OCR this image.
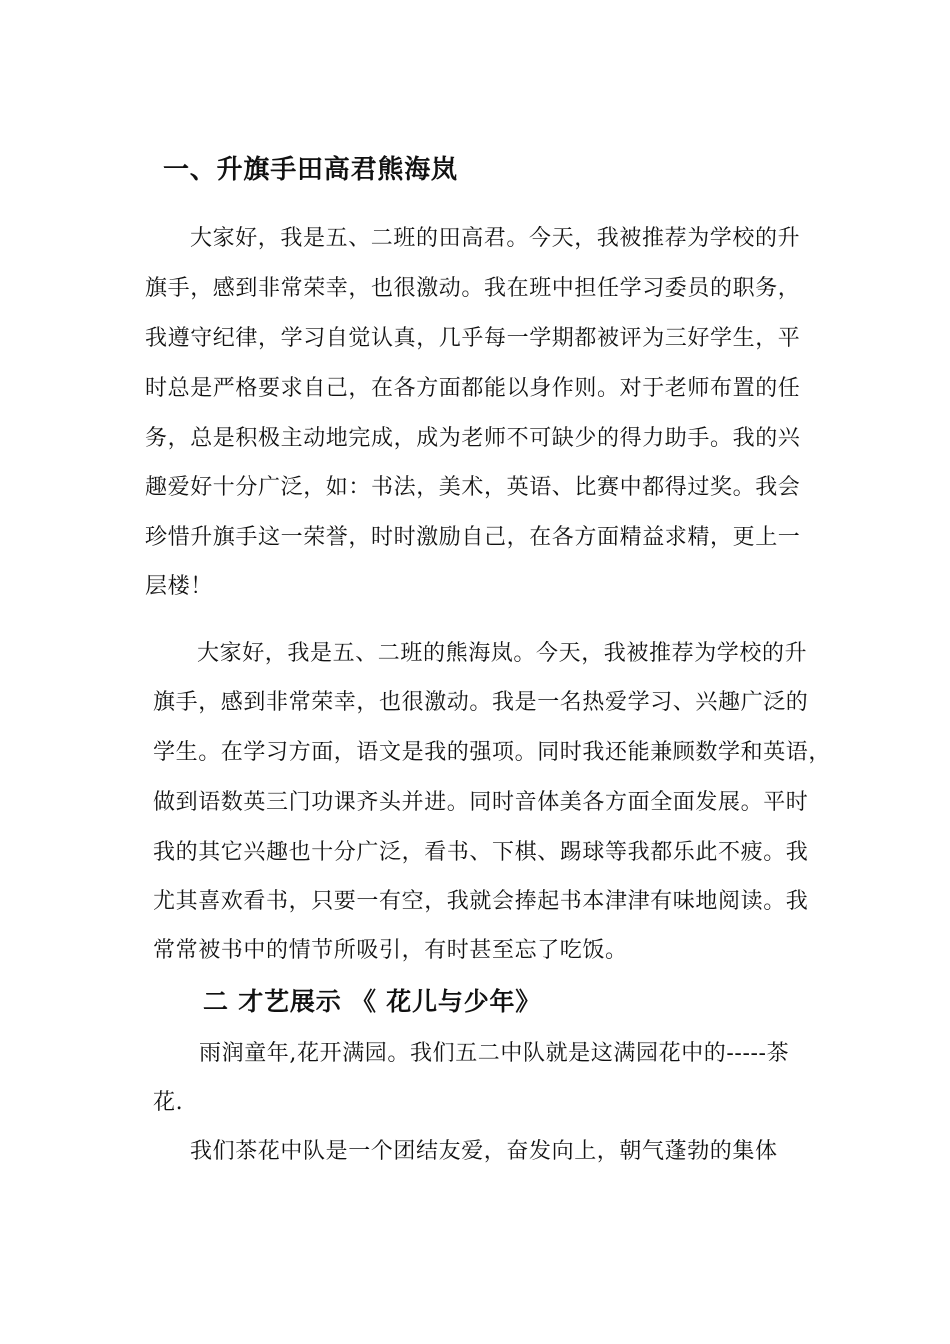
一、升旗手田高君熊海岚
大家好，我是五、二班的田高君。今天，我被推荐为学校的升
旗手，感到非常荣幸，也很激动。我在班中担任学习委员的职务，
我遵守纪律，学习自觉认真，几乎每一学期都被评为三好学生，平
时总是严格要求自己，在各方面都能以身作则。对于老师布置的任
务，总是积极主动地完成，成为老师不可缺少的得力助手。我的兴
趣爱好十分广泛，如：书法，美术，英语、比赛中都得过奖。我会
珍惜升旗手这一荣誉，时时激励自己，在各方面精益求精，更上一
层楼！
大家好，我是五、二班的熊海岚。今天，我被推荐为学校的升
旗手，感到非常荣幸，也很激动。我是一名热爱学习、兴趣广泛的
学生。在学习方面，语文是我的强项。同时我还能兼顾数学和英语，
做到语数英三门功课齐头并进。同时音体美各方面全面发展。平时
我的其它兴趣也十分广泛，看书、下棋、踢球等我都乐此不疲。我
尤其喜欢看书，只要一有空，我就会捧起书本津津有味地阅读。我
常常被书中的情节所吸引，有时甚至忘了吃饭。
二 才艺展示 《 花儿与少年》
雨润童年,花开满园。我们五二中队就是这满园花中的-----茶
花.
我们茶花中队是一个团结友爱，奋发向上，朝气蓬勃的集体
